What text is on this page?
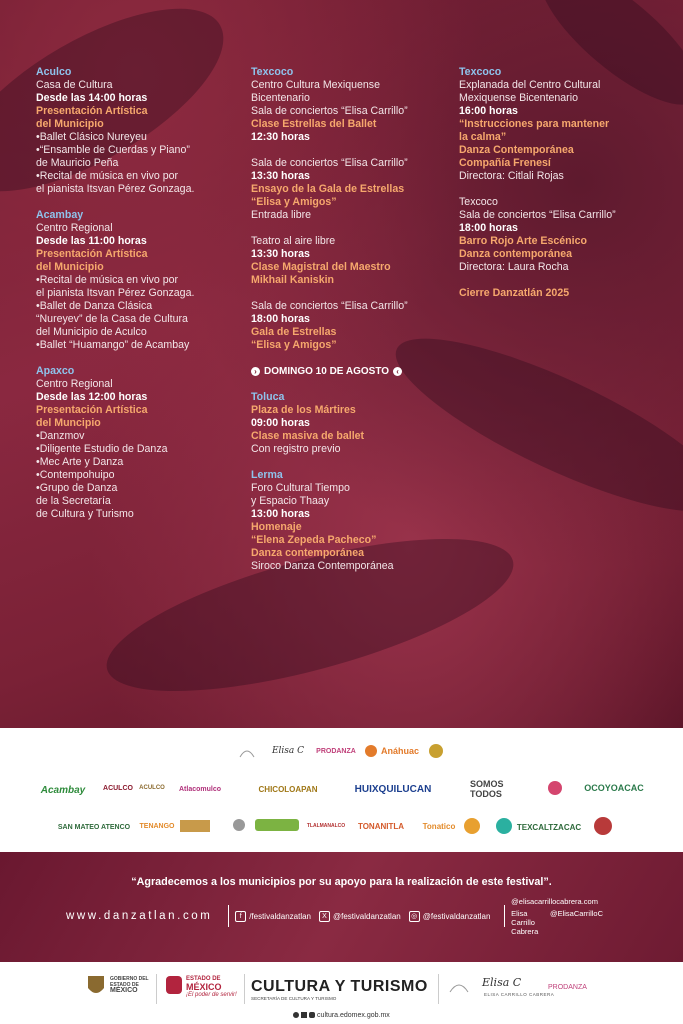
Aculco
Casa de Cultura
Desde las 14:00 horas
Presentación Artística
del Municipio
•Ballet Clásico Nureyeu
•“Ensamble de Cuerdas y Piano”
de Mauricio Peña
•Recital de música en vivo por
el pianista Itsvan Pérez Gonzaga.
Acambay
Centro Regional
Desde las 11:00 horas
Presentación Artística
del Municipio
•Recital de música en vivo por
el pianista Itsvan Pérez Gonzaga.
•Ballet de Danza Clásica
“Nureyev” de la Casa de Cultura
del Municipio de Aculco
•Ballet “Huamango” de Acambay
Apaxco
Centro Regional
Desde las 12:00 horas
Presentación Artística
del Muncipio
•Danzmov
•Diligente Estudio de Danza
•Mec Arte y Danza
•Contempohuipo
•Grupo de Danza
de la Secretaría
de Cultura y Turismo
Texcoco
Centro Cultura Mexiquense
Bicentenario
Sala de conciertos “Elisa Carrillo”
Clase Estrellas del Ballet
12:30 horas
Sala de conciertos “Elisa Carrillo”
13:30 horas
Ensayo de la Gala de Estrellas
“Elisa y Amigos”
Entrada libre
Teatro al aire libre
13:30 horas
Clase Magistral del Maestro
Mikhail Kaniskin
Sala de conciertos “Elisa Carrillo”
18:00 horas
Gala de Estrellas
“Elisa y Amigos”
› DOMINGO 10 DE AGOSTO ‹
Toluca
Plaza de los Mártires
09:00 horas
Clase masiva de ballet
Con registro previo
Lerma
Foro Cultural Tiempo
y Espacio Thaay
13:00 horas
Homenaje
“Elena Zepeda Pacheco”
Danza contemporánea
Siroco Danza Contemporánea
Texcoco
Explanada del Centro Cultural
Mexiquense Bicentenario
16:00 horas
“Instrucciones para mantener
la calma”
Danza Contemporánea
Compañía Frenesí
Directora: Citlali Rojas
Texcoco
Sala de conciertos “Elisa Carrillo”
18:00 horas
Barro Rojo Arte Escénico
Danza contemporánea
Directora: Laura Rocha
Cierre Danzatlán 2025
Elisa C	PRODANZA	Anáhuac
Acambay	ACULCO ACULCO	Atlacomulco	CHICOLOAPAN	HUIXQUILUCAN	SOMOS TODOS
OCOYOACAC
SAN MATEO ATENCO	TENANGO	TLALMANALCO	TONANITLA	Tonatico	TEXCALTZACAC
“Agradecemos a los municipios por su apoyo para la realización de este festival”.
www.danzatlan.com	f /festivaldanzatlan	X @festivaldanzatlan	◎ @festivaldanzatlan
@elisacarrillocabrera.com
Elisa Carrillo Cabrera
@ElisaCarrilloC
GOBIERNO DEL
ESTADO DE
MÉXICO
ESTADO DE
MÉXICO
¡El poder de servir! CULTURA Y TURISMO
SECRETARÍA DE CULTURA Y TURISMO
Elisa C
ELISA CARRILLO CABRERA
PRODANZA
cultura.edomex.gob.mx
